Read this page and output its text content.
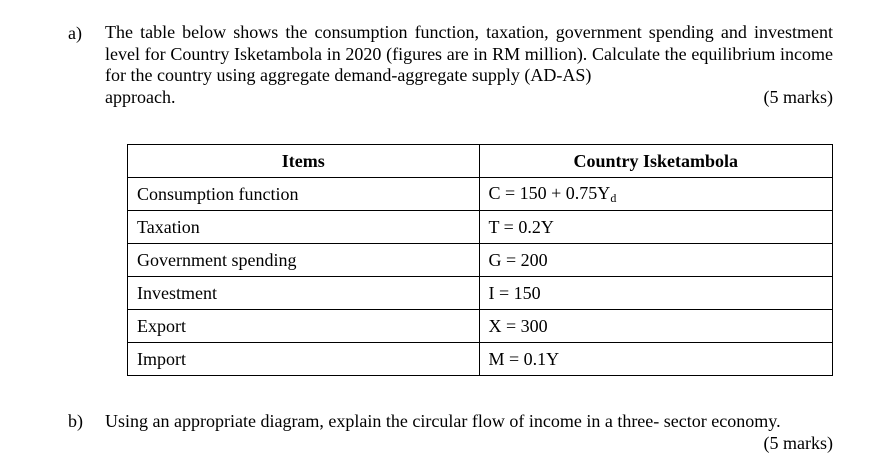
a) The table below shows the consumption function, taxation, government spending and investment level for Country Isketambola in 2020 (figures are in RM million). Calculate the equilibrium income for the country using aggregate demand-aggregate supply (AD-AS)
approach.	(5 marks)
Items	Country Isketambola
Consumption function	$C = 150 + 0.75Y_d$
Taxation	T = 0.2Y
Government spending	G = 200
Investment	I = 150
Export	X = 300
Import	M = 0.1Y
b) Using an appropriate diagram, explain the circular flow of income in a three- sector economy.
(5 marks)
